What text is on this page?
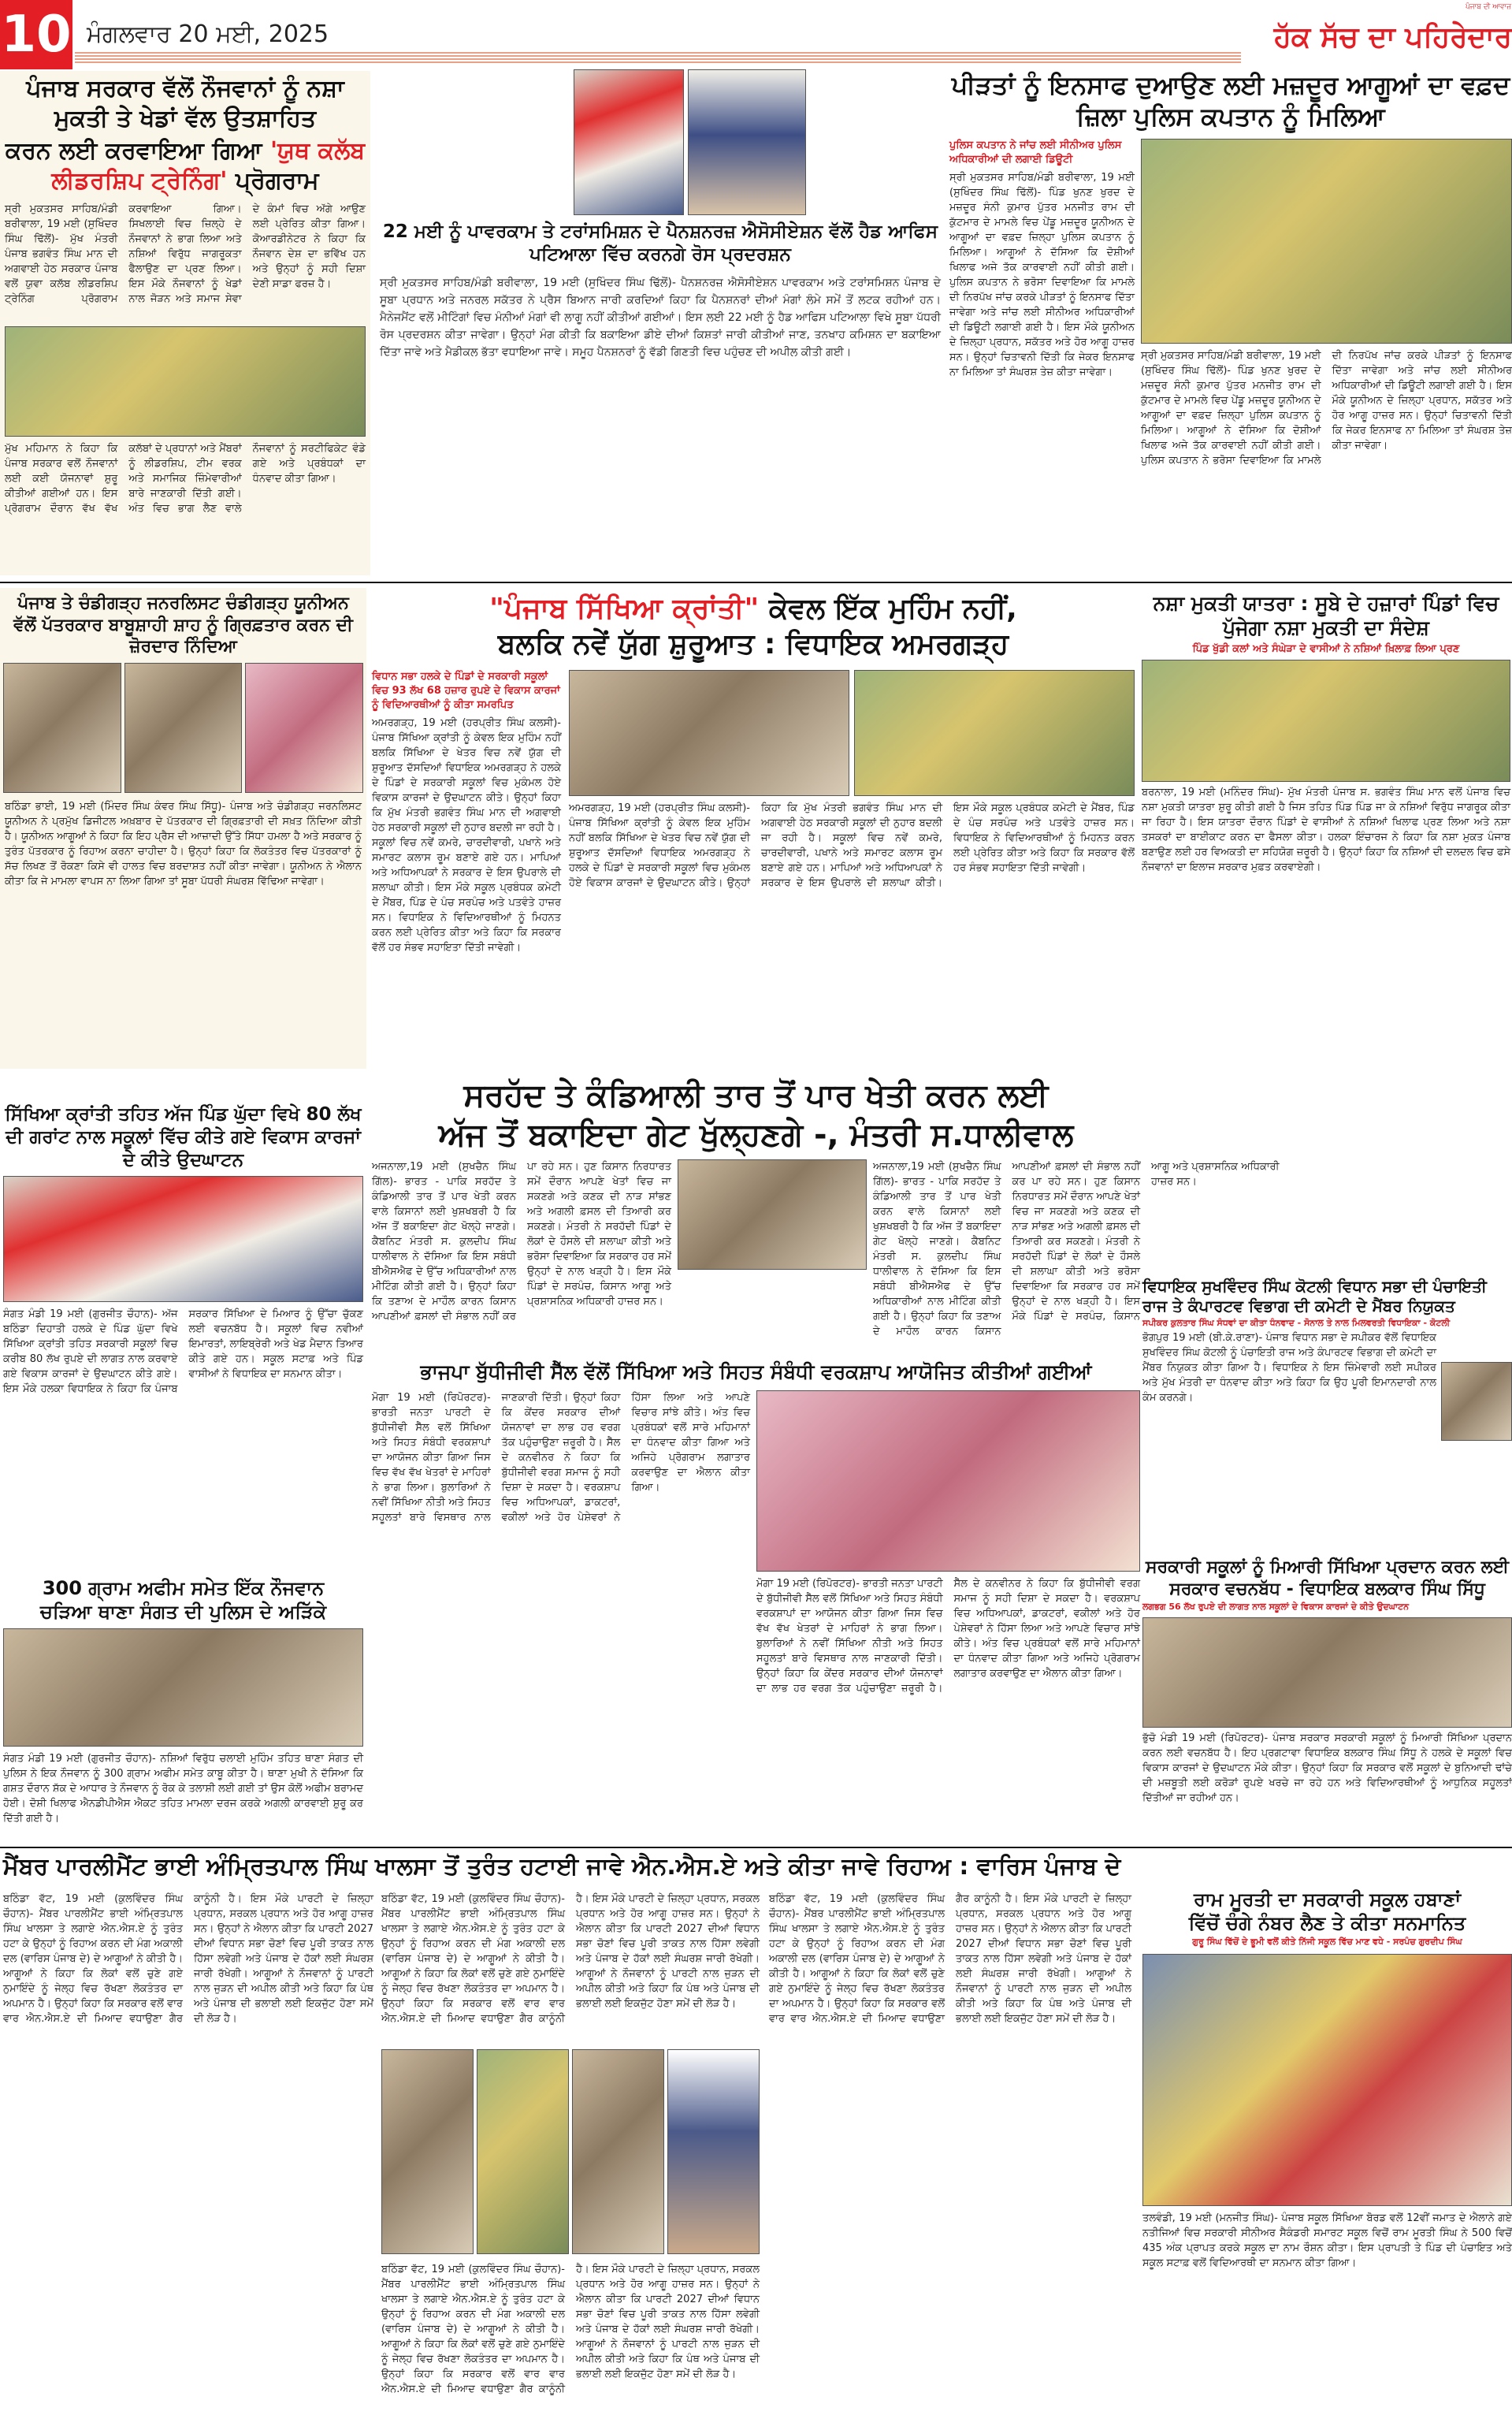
10 ਮੰਗਲਵਾਰ 20 ਮਈ, 2025	ਹੱਕ ਸੱਚ ਦਾ ਪਹਿਰੇਦਾਰ
ਪੰਜਾਬ ਦੀ ਆਵਾਜ਼
ਪੰਜਾਬ ਸਰਕਾਰ ਵੱਲੋਂ ਨੌਜਵਾਨਾਂ ਨੂੰ ਨਸ਼ਾ ਮੁਕਤੀ ਤੇ ਖੇਡਾਂ ਵੱਲ ਉਤਸ਼ਾਹਿਤ
ਕਰਨ ਲਈ ਕਰਵਾਇਆ ਗਿਆ 'ਯੁਥ ਕਲੱਬ ਲੀਡਰਸ਼ਿਪ ਟ੍ਰੇਨਿੰਗ' ਪ੍ਰੋਗਰਾਮ
ਸ੍ਰੀ ਮੁਕਤਸਰ ਸਾਹਿਬ/ਮੰਡੀ ਬਰੀਵਾਲਾ, 19 ਮਈ (ਸੁਖਿੰਦਰ ਸਿੰਘ ਢਿੱਲੋਂ)- ਮੁੱਖ ਮੰਤਰੀ ਪੰਜਾਬ ਭਗਵੰਤ ਸਿੰਘ ਮਾਨ ਦੀ ਅਗਵਾਈ ਹੇਠ ਸਰਕਾਰ ਪੰਜਾਬ ਵਲੋਂ ਯੁਵਾ ਕਲੱਬ ਲੀਡਰਸ਼ਿਪ ਟ੍ਰੇਨਿੰਗ ਪ੍ਰੋਗਰਾਮ ਕਰਵਾਇਆ ਗਿਆ। ਸਿਖਲਾਈ ਵਿਚ ਜ਼ਿਲ੍ਹੇ ਦੇ ਨੌਜਵਾਨਾਂ ਨੇ ਭਾਗ ਲਿਆ ਅਤੇ ਨਸ਼ਿਆਂ ਵਿਰੁੱਧ ਜਾਗਰੂਕਤਾ ਫੈਲਾਉਣ ਦਾ ਪ੍ਰਣ ਲਿਆ। ਇਸ ਮੌਕੇ ਨੌਜਵਾਨਾਂ ਨੂੰ ਖੇਡਾਂ ਨਾਲ ਜੋੜਨ ਅਤੇ ਸਮਾਜ ਸੇਵਾ ਦੇ ਕੰਮਾਂ ਵਿਚ ਅੱਗੇ ਆਉਣ ਲਈ ਪ੍ਰੇਰਿਤ ਕੀਤਾ ਗਿਆ। ਕੋਆਰਡੀਨੇਟਰ ਨੇ ਕਿਹਾ ਕਿ ਨੌਜਵਾਨ ਦੇਸ਼ ਦਾ ਭਵਿੱਖ ਹਨ ਅਤੇ ਉਨ੍ਹਾਂ ਨੂੰ ਸਹੀ ਦਿਸ਼ਾ ਦੇਣੀ ਸਾਡਾ ਫਰਜ਼ ਹੈ।
ਮੁੱਖ ਮਹਿਮਾਨ ਨੇ ਕਿਹਾ ਕਿ ਪੰਜਾਬ ਸਰਕਾਰ ਵਲੋਂ ਨੌਜਵਾਨਾਂ ਲਈ ਕਈ ਯੋਜਨਾਵਾਂ ਸ਼ੁਰੂ ਕੀਤੀਆਂ ਗਈਆਂ ਹਨ। ਇਸ ਪ੍ਰੋਗਰਾਮ ਦੌਰਾਨ ਵੱਖ ਵੱਖ ਕਲੱਬਾਂ ਦੇ ਪ੍ਰਧਾਨਾਂ ਅਤੇ ਮੈਂਬਰਾਂ ਨੂੰ ਲੀਡਰਸ਼ਿਪ, ਟੀਮ ਵਰਕ ਅਤੇ ਸਮਾਜਿਕ ਜ਼ਿੰਮੇਵਾਰੀਆਂ ਬਾਰੇ ਜਾਣਕਾਰੀ ਦਿੱਤੀ ਗਈ। ਅੰਤ ਵਿਚ ਭਾਗ ਲੈਣ ਵਾਲੇ ਨੌਜਵਾਨਾਂ ਨੂੰ ਸਰਟੀਫਿਕੇਟ ਵੰਡੇ ਗਏ ਅਤੇ ਪ੍ਰਬੰਧਕਾਂ ਦਾ ਧੰਨਵਾਦ ਕੀਤਾ ਗਿਆ।
22 ਮਈ ਨੂੰ ਪਾਵਰਕਾਮ ਤੇ ਟਰਾਂਸਮਿਸ਼ਨ ਦੇ ਪੈਨਸ਼ਨਰਜ਼ ਐਸੋਸੀਏਸ਼ਨ ਵੱਲੋਂ ਹੈਡ ਆਫਿਸ ਪਟਿਆਲਾ ਵਿੱਚ ਕਰਨਗੇ ਰੋਸ ਪ੍ਰਦਰਸ਼ਨ
ਸ੍ਰੀ ਮੁਕਤਸਰ ਸਾਹਿਬ/ਮੰਡੀ ਬਰੀਵਾਲਾ, 19 ਮਈ (ਸੁਖਿੰਦਰ ਸਿੰਘ ਢਿੱਲੋਂ)- ਪੈਨਸ਼ਨਰਜ਼ ਐਸੋਸੀਏਸ਼ਨ ਪਾਵਰਕਾਮ ਅਤੇ ਟਰਾਂਸਮਿਸ਼ਨ ਪੰਜਾਬ ਦੇ ਸੂਬਾ ਪ੍ਰਧਾਨ ਅਤੇ ਜਨਰਲ ਸਕੱਤਰ ਨੇ ਪ੍ਰੈਸ ਬਿਆਨ ਜਾਰੀ ਕਰਦਿਆਂ ਕਿਹਾ ਕਿ ਪੈਨਸ਼ਨਰਾਂ ਦੀਆਂ ਮੰਗਾਂ ਲੰਮੇ ਸਮੇਂ ਤੋਂ ਲਟਕ ਰਹੀਆਂ ਹਨ। ਮੈਨੇਜਮੈਂਟ ਵਲੋਂ ਮੀਟਿੰਗਾਂ ਵਿਚ ਮੰਨੀਆਂ ਮੰਗਾਂ ਵੀ ਲਾਗੂ ਨਹੀਂ ਕੀਤੀਆਂ ਗਈਆਂ। ਇਸ ਲਈ 22 ਮਈ ਨੂੰ ਹੈਡ ਆਫਿਸ ਪਟਿਆਲਾ ਵਿਖੇ ਸੂਬਾ ਪੱਧਰੀ ਰੋਸ ਪ੍ਰਦਰਸ਼ਨ ਕੀਤਾ ਜਾਵੇਗਾ। ਉਨ੍ਹਾਂ ਮੰਗ ਕੀਤੀ ਕਿ ਬਕਾਇਆ ਡੀਏ ਦੀਆਂ ਕਿਸ਼ਤਾਂ ਜਾਰੀ ਕੀਤੀਆਂ ਜਾਣ, ਤਨਖਾਹ ਕਮਿਸ਼ਨ ਦਾ ਬਕਾਇਆ ਦਿੱਤਾ ਜਾਵੇ ਅਤੇ ਮੈਡੀਕਲ ਭੱਤਾ ਵਧਾਇਆ ਜਾਵੇ। ਸਮੂਹ ਪੈਨਸ਼ਨਰਾਂ ਨੂੰ ਵੱਡੀ ਗਿਣਤੀ ਵਿਚ ਪਹੁੰਚਣ ਦੀ ਅਪੀਲ ਕੀਤੀ ਗਈ।
ਪੀੜਤਾਂ ਨੂੰ ਇਨਸਾਫ ਦੁਆਉਣ ਲਈ ਮਜ਼ਦੂਰ ਆਗੂਆਂ ਦਾ ਵਫ਼ਦ ਜ਼ਿਲਾ ਪੁਲਿਸ ਕਪਤਾਨ ਨੂੰ ਮਿਲਿਆ
ਪੁਲਿਸ ਕਪਤਾਨ ਨੇ ਜਾਂਚ ਲਈ ਸੀਨੀਅਰ ਪੁਲਿਸ ਅਧਿਕਾਰੀਆਂ ਦੀ ਲਗਾਈ ਡਿਊਟੀ
ਸ੍ਰੀ ਮੁਕਤਸਰ ਸਾਹਿਬ/ਮੰਡੀ ਬਰੀਵਾਲਾ, 19 ਮਈ (ਸੁਖਿੰਦਰ ਸਿੰਘ ਢਿੱਲੋਂ)- ਪਿੰਡ ਖੁਨਣ ਖੁਰਦ ਦੇ ਮਜ਼ਦੂਰ ਸੰਨੀ ਕੁਮਾਰ ਪੁੱਤਰ ਮਨਜੀਤ ਰਾਮ ਦੀ ਕੁੱਟਮਾਰ ਦੇ ਮਾਮਲੇ ਵਿਚ ਪੇਂਡੂ ਮਜ਼ਦੂਰ ਯੂਨੀਅਨ ਦੇ ਆਗੂਆਂ ਦਾ ਵਫ਼ਦ ਜ਼ਿਲ੍ਹਾ ਪੁਲਿਸ ਕਪਤਾਨ ਨੂੰ ਮਿਲਿਆ। ਆਗੂਆਂ ਨੇ ਦੱਸਿਆ ਕਿ ਦੋਸ਼ੀਆਂ ਖਿਲਾਫ ਅਜੇ ਤੱਕ ਕਾਰਵਾਈ ਨਹੀਂ ਕੀਤੀ ਗਈ। ਪੁਲਿਸ ਕਪਤਾਨ ਨੇ ਭਰੋਸਾ ਦਿਵਾਇਆ ਕਿ ਮਾਮਲੇ ਦੀ ਨਿਰਪੱਖ ਜਾਂਚ ਕਰਕੇ ਪੀੜਤਾਂ ਨੂੰ ਇਨਸਾਫ ਦਿੱਤਾ ਜਾਵੇਗਾ ਅਤੇ ਜਾਂਚ ਲਈ ਸੀਨੀਅਰ ਅਧਿਕਾਰੀਆਂ ਦੀ ਡਿਊਟੀ ਲਗਾਈ ਗਈ ਹੈ। ਇਸ ਮੌਕੇ ਯੂਨੀਅਨ ਦੇ ਜ਼ਿਲ੍ਹਾ ਪ੍ਰਧਾਨ, ਸਕੱਤਰ ਅਤੇ ਹੋਰ ਆਗੂ ਹਾਜ਼ਰ ਸਨ। ਉਨ੍ਹਾਂ ਚਿਤਾਵਨੀ ਦਿੱਤੀ ਕਿ ਜੇਕਰ ਇਨਸਾਫ ਨਾ ਮਿਲਿਆ ਤਾਂ ਸੰਘਰਸ਼ ਤੇਜ਼ ਕੀਤਾ ਜਾਵੇਗਾ।
ਸ੍ਰੀ ਮੁਕਤਸਰ ਸਾਹਿਬ/ਮੰਡੀ ਬਰੀਵਾਲਾ, 19 ਮਈ (ਸੁਖਿੰਦਰ ਸਿੰਘ ਢਿੱਲੋਂ)- ਪਿੰਡ ਖੁਨਣ ਖੁਰਦ ਦੇ ਮਜ਼ਦੂਰ ਸੰਨੀ ਕੁਮਾਰ ਪੁੱਤਰ ਮਨਜੀਤ ਰਾਮ ਦੀ ਕੁੱਟਮਾਰ ਦੇ ਮਾਮਲੇ ਵਿਚ ਪੇਂਡੂ ਮਜ਼ਦੂਰ ਯੂਨੀਅਨ ਦੇ ਆਗੂਆਂ ਦਾ ਵਫ਼ਦ ਜ਼ਿਲ੍ਹਾ ਪੁਲਿਸ ਕਪਤਾਨ ਨੂੰ ਮਿਲਿਆ। ਆਗੂਆਂ ਨੇ ਦੱਸਿਆ ਕਿ ਦੋਸ਼ੀਆਂ ਖਿਲਾਫ ਅਜੇ ਤੱਕ ਕਾਰਵਾਈ ਨਹੀਂ ਕੀਤੀ ਗਈ। ਪੁਲਿਸ ਕਪਤਾਨ ਨੇ ਭਰੋਸਾ ਦਿਵਾਇਆ ਕਿ ਮਾਮਲੇ ਦੀ ਨਿਰਪੱਖ ਜਾਂਚ ਕਰਕੇ ਪੀੜਤਾਂ ਨੂੰ ਇਨਸਾਫ ਦਿੱਤਾ ਜਾਵੇਗਾ ਅਤੇ ਜਾਂਚ ਲਈ ਸੀਨੀਅਰ ਅਧਿਕਾਰੀਆਂ ਦੀ ਡਿਊਟੀ ਲਗਾਈ ਗਈ ਹੈ। ਇਸ ਮੌਕੇ ਯੂਨੀਅਨ ਦੇ ਜ਼ਿਲ੍ਹਾ ਪ੍ਰਧਾਨ, ਸਕੱਤਰ ਅਤੇ ਹੋਰ ਆਗੂ ਹਾਜ਼ਰ ਸਨ। ਉਨ੍ਹਾਂ ਚਿਤਾਵਨੀ ਦਿੱਤੀ ਕਿ ਜੇਕਰ ਇਨਸਾਫ ਨਾ ਮਿਲਿਆ ਤਾਂ ਸੰਘਰਸ਼ ਤੇਜ਼ ਕੀਤਾ ਜਾਵੇਗਾ।
ਪੰਜਾਬ ਤੇ ਚੰਡੀਗੜ੍ਹ ਜਨਰਲਿਸਟ ਚੰਡੀਗੜ੍ਹ ਯੂਨੀਅਨ ਵੱਲੋਂ ਪੱਤਰਕਾਰ ਬਾਬੂਸ਼ਾਹੀ ਸ਼ਾਹ ਨੂੰ ਗ੍ਰਿਫ਼ਤਾਰ ਕਰਨ ਦੀ ਜ਼ੋਰਦਾਰ ਨਿੰਦਿਆ
ਬਠਿੰਡਾ ਭਾਈ, 19 ਮਈ (ਮਿੰਦਰ ਸਿੰਘ ਕੰਵਰ ਸਿੰਘ ਸਿੱਧੂ)- ਪੰਜਾਬ ਅਤੇ ਚੰਡੀਗੜ੍ਹ ਜਰਨਲਿਸਟ ਯੂਨੀਅਨ ਨੇ ਪ੍ਰਮੁੱਖ ਡਿਜੀਟਲ ਅਖ਼ਬਾਰ ਦੇ ਪੱਤਰਕਾਰ ਦੀ ਗ੍ਰਿਫ਼ਤਾਰੀ ਦੀ ਸਖ਼ਤ ਨਿੰਦਿਆ ਕੀਤੀ ਹੈ। ਯੂਨੀਅਨ ਆਗੂਆਂ ਨੇ ਕਿਹਾ ਕਿ ਇਹ ਪ੍ਰੈਸ ਦੀ ਆਜ਼ਾਦੀ ਉੱਤੇ ਸਿੱਧਾ ਹਮਲਾ ਹੈ ਅਤੇ ਸਰਕਾਰ ਨੂੰ ਤੁਰੰਤ ਪੱਤਰਕਾਰ ਨੂੰ ਰਿਹਾਅ ਕਰਨਾ ਚਾਹੀਦਾ ਹੈ। ਉਨ੍ਹਾਂ ਕਿਹਾ ਕਿ ਲੋਕਤੰਤਰ ਵਿਚ ਪੱਤਰਕਾਰਾਂ ਨੂੰ ਸੱਚ ਲਿਖਣ ਤੋਂ ਰੋਕਣਾ ਕਿਸੇ ਵੀ ਹਾਲਤ ਵਿਚ ਬਰਦਾਸ਼ਤ ਨਹੀਂ ਕੀਤਾ ਜਾਵੇਗਾ। ਯੂਨੀਅਨ ਨੇ ਐਲਾਨ ਕੀਤਾ ਕਿ ਜੇ ਮਾਮਲਾ ਵਾਪਸ ਨਾ ਲਿਆ ਗਿਆ ਤਾਂ ਸੂਬਾ ਪੱਧਰੀ ਸੰਘਰਸ਼ ਵਿੱਢਿਆ ਜਾਵੇਗਾ।
"ਪੰਜਾਬ ਸਿੱਖਿਆ ਕ੍ਰਾਂਤੀ" ਕੇਵਲ ਇੱਕ ਮੁਹਿੰਮ ਨਹੀਂ,
ਬਲਕਿ ਨਵੇਂ ਯੁੱਗ ਸ਼ੁਰੂਆਤ : ਵਿਧਾਇਕ ਅਮਰਗੜ੍ਹ
ਵਿਧਾਨ ਸਭਾ ਹਲਕੇ ਦੇ ਪਿੰਡਾਂ ਦੇ ਸਰਕਾਰੀ ਸਕੂਲਾਂ ਵਿਚ 93 ਲੱਖ 68 ਹਜ਼ਾਰ ਰੁਪਏ ਦੇ ਵਿਕਾਸ ਕਾਰਜਾਂ ਨੂੰ ਵਿਦਿਆਰਥੀਆਂ ਨੂੰ ਕੀਤਾ ਸਮਰਪਿਤ
ਅਮਰਗੜ੍ਹ, 19 ਮਈ (ਹਰਪ੍ਰੀਤ ਸਿੰਘ ਕਲਸੀ)- ਪੰਜਾਬ ਸਿੱਖਿਆ ਕ੍ਰਾਂਤੀ ਨੂੰ ਕੇਵਲ ਇਕ ਮੁਹਿੰਮ ਨਹੀਂ ਬਲਕਿ ਸਿੱਖਿਆ ਦੇ ਖੇਤਰ ਵਿਚ ਨਵੇਂ ਯੁੱਗ ਦੀ ਸ਼ੁਰੂਆਤ ਦੱਸਦਿਆਂ ਵਿਧਾਇਕ ਅਮਰਗੜ੍ਹ ਨੇ ਹਲਕੇ ਦੇ ਪਿੰਡਾਂ ਦੇ ਸਰਕਾਰੀ ਸਕੂਲਾਂ ਵਿਚ ਮੁਕੰਮਲ ਹੋਏ ਵਿਕਾਸ ਕਾਰਜਾਂ ਦੇ ਉਦਘਾਟਨ ਕੀਤੇ। ਉਨ੍ਹਾਂ ਕਿਹਾ ਕਿ ਮੁੱਖ ਮੰਤਰੀ ਭਗਵੰਤ ਸਿੰਘ ਮਾਨ ਦੀ ਅਗਵਾਈ ਹੇਠ ਸਰਕਾਰੀ ਸਕੂਲਾਂ ਦੀ ਨੁਹਾਰ ਬਦਲੀ ਜਾ ਰਹੀ ਹੈ। ਸਕੂਲਾਂ ਵਿਚ ਨਵੇਂ ਕਮਰੇ, ਚਾਰਦੀਵਾਰੀ, ਪਖਾਨੇ ਅਤੇ ਸਮਾਰਟ ਕਲਾਸ ਰੂਮ ਬਣਾਏ ਗਏ ਹਨ। ਮਾਪਿਆਂ ਅਤੇ ਅਧਿਆਪਕਾਂ ਨੇ ਸਰਕਾਰ ਦੇ ਇਸ ਉਪਰਾਲੇ ਦੀ ਸ਼ਲਾਘਾ ਕੀਤੀ। ਇਸ ਮੌਕੇ ਸਕੂਲ ਪ੍ਰਬੰਧਕ ਕਮੇਟੀ ਦੇ ਮੈਂਬਰ, ਪਿੰਡ ਦੇ ਪੰਚ ਸਰਪੰਚ ਅਤੇ ਪਤਵੰਤੇ ਹਾਜ਼ਰ ਸਨ। ਵਿਧਾਇਕ ਨੇ ਵਿਦਿਆਰਥੀਆਂ ਨੂੰ ਮਿਹਨਤ ਕਰਨ ਲਈ ਪ੍ਰੇਰਿਤ ਕੀਤਾ ਅਤੇ ਕਿਹਾ ਕਿ ਸਰਕਾਰ ਵੱਲੋਂ ਹਰ ਸੰਭਵ ਸਹਾਇਤਾ ਦਿੱਤੀ ਜਾਵੇਗੀ।
ਅਮਰਗੜ੍ਹ, 19 ਮਈ (ਹਰਪ੍ਰੀਤ ਸਿੰਘ ਕਲਸੀ)- ਪੰਜਾਬ ਸਿੱਖਿਆ ਕ੍ਰਾਂਤੀ ਨੂੰ ਕੇਵਲ ਇਕ ਮੁਹਿੰਮ ਨਹੀਂ ਬਲਕਿ ਸਿੱਖਿਆ ਦੇ ਖੇਤਰ ਵਿਚ ਨਵੇਂ ਯੁੱਗ ਦੀ ਸ਼ੁਰੂਆਤ ਦੱਸਦਿਆਂ ਵਿਧਾਇਕ ਅਮਰਗੜ੍ਹ ਨੇ ਹਲਕੇ ਦੇ ਪਿੰਡਾਂ ਦੇ ਸਰਕਾਰੀ ਸਕੂਲਾਂ ਵਿਚ ਮੁਕੰਮਲ ਹੋਏ ਵਿਕਾਸ ਕਾਰਜਾਂ ਦੇ ਉਦਘਾਟਨ ਕੀਤੇ। ਉਨ੍ਹਾਂ ਕਿਹਾ ਕਿ ਮੁੱਖ ਮੰਤਰੀ ਭਗਵੰਤ ਸਿੰਘ ਮਾਨ ਦੀ ਅਗਵਾਈ ਹੇਠ ਸਰਕਾਰੀ ਸਕੂਲਾਂ ਦੀ ਨੁਹਾਰ ਬਦਲੀ ਜਾ ਰਹੀ ਹੈ। ਸਕੂਲਾਂ ਵਿਚ ਨਵੇਂ ਕਮਰੇ, ਚਾਰਦੀਵਾਰੀ, ਪਖਾਨੇ ਅਤੇ ਸਮਾਰਟ ਕਲਾਸ ਰੂਮ ਬਣਾਏ ਗਏ ਹਨ। ਮਾਪਿਆਂ ਅਤੇ ਅਧਿਆਪਕਾਂ ਨੇ ਸਰਕਾਰ ਦੇ ਇਸ ਉਪਰਾਲੇ ਦੀ ਸ਼ਲਾਘਾ ਕੀਤੀ। ਇਸ ਮੌਕੇ ਸਕੂਲ ਪ੍ਰਬੰਧਕ ਕਮੇਟੀ ਦੇ ਮੈਂਬਰ, ਪਿੰਡ ਦੇ ਪੰਚ ਸਰਪੰਚ ਅਤੇ ਪਤਵੰਤੇ ਹਾਜ਼ਰ ਸਨ। ਵਿਧਾਇਕ ਨੇ ਵਿਦਿਆਰਥੀਆਂ ਨੂੰ ਮਿਹਨਤ ਕਰਨ ਲਈ ਪ੍ਰੇਰਿਤ ਕੀਤਾ ਅਤੇ ਕਿਹਾ ਕਿ ਸਰਕਾਰ ਵੱਲੋਂ ਹਰ ਸੰਭਵ ਸਹਾਇਤਾ ਦਿੱਤੀ ਜਾਵੇਗੀ।
ਨਸ਼ਾ ਮੁਕਤੀ ਯਾਤਰਾ : ਸੂਬੇ ਦੇ ਹਜ਼ਾਰਾਂ ਪਿੰਡਾਂ ਵਿਚ ਪੁੱਜੇਗਾ ਨਸ਼ਾ ਮੁਕਤੀ ਦਾ ਸੰਦੇਸ਼
ਪਿੰਡ ਖੁੱਡੀ ਕਲਾਂ ਅਤੇ ਸੰਘੇੜਾ ਦੇ ਵਾਸੀਆਂ ਨੇ ਨਸ਼ਿਆਂ ਖ਼ਿਲਾਫ਼ ਲਿਆ ਪ੍ਰਣ
ਬਰਨਾਲਾ, 19 ਮਈ (ਮਨਿੰਦਰ ਸਿੰਘ)- ਮੁੱਖ ਮੰਤਰੀ ਪੰਜਾਬ ਸ. ਭਗਵੰਤ ਸਿੰਘ ਮਾਨ ਵਲੋਂ ਪੰਜਾਬ ਵਿਚ ਨਸ਼ਾ ਮੁਕਤੀ ਯਾਤਰਾ ਸ਼ੁਰੂ ਕੀਤੀ ਗਈ ਹੈ ਜਿਸ ਤਹਿਤ ਪਿੰਡ ਪਿੰਡ ਜਾ ਕੇ ਨਸ਼ਿਆਂ ਵਿਰੁੱਧ ਜਾਗਰੂਕ ਕੀਤਾ ਜਾ ਰਿਹਾ ਹੈ। ਇਸ ਯਾਤਰਾ ਦੌਰਾਨ ਪਿੰਡਾਂ ਦੇ ਵਾਸੀਆਂ ਨੇ ਨਸ਼ਿਆਂ ਖਿਲਾਫ ਪ੍ਰਣ ਲਿਆ ਅਤੇ ਨਸ਼ਾ ਤਸਕਰਾਂ ਦਾ ਬਾਈਕਾਟ ਕਰਨ ਦਾ ਫੈਸਲਾ ਕੀਤਾ। ਹਲਕਾ ਇੰਚਾਰਜ ਨੇ ਕਿਹਾ ਕਿ ਨਸ਼ਾ ਮੁਕਤ ਪੰਜਾਬ ਬਣਾਉਣ ਲਈ ਹਰ ਵਿਅਕਤੀ ਦਾ ਸਹਿਯੋਗ ਜ਼ਰੂਰੀ ਹੈ। ਉਨ੍ਹਾਂ ਕਿਹਾ ਕਿ ਨਸ਼ਿਆਂ ਦੀ ਦਲਦਲ ਵਿਚ ਫਸੇ ਨੌਜਵਾਨਾਂ ਦਾ ਇਲਾਜ ਸਰਕਾਰ ਮੁਫ਼ਤ ਕਰਵਾਏਗੀ।
ਸਿੱਖਿਆ ਕ੍ਰਾਂਤੀ ਤਹਿਤ ਅੱਜ ਪਿੰਡ ਘੁੱਦਾ ਵਿਖੇ 80 ਲੱਖ ਦੀ ਗਰਾਂਟ ਨਾਲ ਸਕੂਲਾਂ ਵਿੱਚ ਕੀਤੇ ਗਏ ਵਿਕਾਸ ਕਾਰਜਾਂ ਦੇ ਕੀਤੇ ਉਦਘਾਟਨ
ਸੰਗਤ ਮੰਡੀ 19 ਮਈ (ਗੁਰਜੀਤ ਚੌਹਾਨ)- ਅੱਜ ਬਠਿੰਡਾ ਦਿਹਾਤੀ ਹਲਕੇ ਦੇ ਪਿੰਡ ਘੁੱਦਾ ਵਿਖੇ ਸਿੱਖਿਆ ਕ੍ਰਾਂਤੀ ਤਹਿਤ ਸਰਕਾਰੀ ਸਕੂਲਾਂ ਵਿਚ ਕਰੀਬ 80 ਲੱਖ ਰੁਪਏ ਦੀ ਲਾਗਤ ਨਾਲ ਕਰਵਾਏ ਗਏ ਵਿਕਾਸ ਕਾਰਜਾਂ ਦੇ ਉਦਘਾਟਨ ਕੀਤੇ ਗਏ। ਇਸ ਮੌਕੇ ਹਲਕਾ ਵਿਧਾਇਕ ਨੇ ਕਿਹਾ ਕਿ ਪੰਜਾਬ ਸਰਕਾਰ ਸਿੱਖਿਆ ਦੇ ਮਿਆਰ ਨੂੰ ਉੱਚਾ ਚੁੱਕਣ ਲਈ ਵਚਨਬੱਧ ਹੈ। ਸਕੂਲਾਂ ਵਿਚ ਨਵੀਆਂ ਇਮਾਰਤਾਂ, ਲਾਇਬ੍ਰੇਰੀ ਅਤੇ ਖੇਡ ਮੈਦਾਨ ਤਿਆਰ ਕੀਤੇ ਗਏ ਹਨ। ਸਕੂਲ ਸਟਾਫ਼ ਅਤੇ ਪਿੰਡ ਵਾਸੀਆਂ ਨੇ ਵਿਧਾਇਕ ਦਾ ਸਨਮਾਨ ਕੀਤਾ।
ਸਰਹੱਦ ਤੇ ਕੰਡਿਆਲੀ ਤਾਰ ਤੋਂ ਪਾਰ ਖੇਤੀ ਕਰਨ ਲਈ
ਅੱਜ ਤੋਂ ਬਕਾਇਦਾ ਗੇਟ ਖੁੱਲ੍ਹਣਗੇ -, ਮੰਤਰੀ ਸ.ਧਾਲੀਵਾਲ
ਅਜਨਾਲਾ,19 ਮਈ (ਸੁਖਚੈਨ ਸਿੰਘ ਗਿੱਲ)- ਭਾਰਤ - ਪਾਕਿ ਸਰਹੱਦ ਤੇ ਕੰਡਿਆਲੀ ਤਾਰ ਤੋਂ ਪਾਰ ਖੇਤੀ ਕਰਨ ਵਾਲੇ ਕਿਸਾਨਾਂ ਲਈ ਖੁਸ਼ਖਬਰੀ ਹੈ ਕਿ ਅੱਜ ਤੋਂ ਬਕਾਇਦਾ ਗੇਟ ਖੋਲ੍ਹੇ ਜਾਣਗੇ। ਕੈਬਨਿਟ ਮੰਤਰੀ ਸ. ਕੁਲਦੀਪ ਸਿੰਘ ਧਾਲੀਵਾਲ ਨੇ ਦੱਸਿਆ ਕਿ ਇਸ ਸਬੰਧੀ ਬੀਐਸਐਫ ਦੇ ਉੱਚ ਅਧਿਕਾਰੀਆਂ ਨਾਲ ਮੀਟਿੰਗ ਕੀਤੀ ਗਈ ਹੈ। ਉਨ੍ਹਾਂ ਕਿਹਾ ਕਿ ਤਣਾਅ ਦੇ ਮਾਹੌਲ ਕਾਰਨ ਕਿਸਾਨ ਆਪਣੀਆਂ ਫ਼ਸਲਾਂ ਦੀ ਸੰਭਾਲ ਨਹੀਂ ਕਰ ਪਾ ਰਹੇ ਸਨ। ਹੁਣ ਕਿਸਾਨ ਨਿਰਧਾਰਤ ਸਮੇਂ ਦੌਰਾਨ ਆਪਣੇ ਖੇਤਾਂ ਵਿਚ ਜਾ ਸਕਣਗੇ ਅਤੇ ਕਣਕ ਦੀ ਨਾੜ ਸਾਂਭਣ ਅਤੇ ਅਗਲੀ ਫ਼ਸਲ ਦੀ ਤਿਆਰੀ ਕਰ ਸਕਣਗੇ। ਮੰਤਰੀ ਨੇ ਸਰਹੱਦੀ ਪਿੰਡਾਂ ਦੇ ਲੋਕਾਂ ਦੇ ਹੌਸਲੇ ਦੀ ਸ਼ਲਾਘਾ ਕੀਤੀ ਅਤੇ ਭਰੋਸਾ ਦਿਵਾਇਆ ਕਿ ਸਰਕਾਰ ਹਰ ਸਮੇਂ ਉਨ੍ਹਾਂ ਦੇ ਨਾਲ ਖੜ੍ਹੀ ਹੈ। ਇਸ ਮੌਕੇ ਪਿੰਡਾਂ ਦੇ ਸਰਪੰਚ, ਕਿਸਾਨ ਆਗੂ ਅਤੇ ਪ੍ਰਸ਼ਾਸਨਿਕ ਅਧਿਕਾਰੀ ਹਾਜ਼ਰ ਸਨ।
ਅਜਨਾਲਾ,19 ਮਈ (ਸੁਖਚੈਨ ਸਿੰਘ ਗਿੱਲ)- ਭਾਰਤ - ਪਾਕਿ ਸਰਹੱਦ ਤੇ ਕੰਡਿਆਲੀ ਤਾਰ ਤੋਂ ਪਾਰ ਖੇਤੀ ਕਰਨ ਵਾਲੇ ਕਿਸਾਨਾਂ ਲਈ ਖੁਸ਼ਖਬਰੀ ਹੈ ਕਿ ਅੱਜ ਤੋਂ ਬਕਾਇਦਾ ਗੇਟ ਖੋਲ੍ਹੇ ਜਾਣਗੇ। ਕੈਬਨਿਟ ਮੰਤਰੀ ਸ. ਕੁਲਦੀਪ ਸਿੰਘ ਧਾਲੀਵਾਲ ਨੇ ਦੱਸਿਆ ਕਿ ਇਸ ਸਬੰਧੀ ਬੀਐਸਐਫ ਦੇ ਉੱਚ ਅਧਿਕਾਰੀਆਂ ਨਾਲ ਮੀਟਿੰਗ ਕੀਤੀ ਗਈ ਹੈ। ਉਨ੍ਹਾਂ ਕਿਹਾ ਕਿ ਤਣਾਅ ਦੇ ਮਾਹੌਲ ਕਾਰਨ ਕਿਸਾਨ ਆਪਣੀਆਂ ਫ਼ਸਲਾਂ ਦੀ ਸੰਭਾਲ ਨਹੀਂ ਕਰ ਪਾ ਰਹੇ ਸਨ। ਹੁਣ ਕਿਸਾਨ ਨਿਰਧਾਰਤ ਸਮੇਂ ਦੌਰਾਨ ਆਪਣੇ ਖੇਤਾਂ ਵਿਚ ਜਾ ਸਕਣਗੇ ਅਤੇ ਕਣਕ ਦੀ ਨਾੜ ਸਾਂਭਣ ਅਤੇ ਅਗਲੀ ਫ਼ਸਲ ਦੀ ਤਿਆਰੀ ਕਰ ਸਕਣਗੇ। ਮੰਤਰੀ ਨੇ ਸਰਹੱਦੀ ਪਿੰਡਾਂ ਦੇ ਲੋਕਾਂ ਦੇ ਹੌਸਲੇ ਦੀ ਸ਼ਲਾਘਾ ਕੀਤੀ ਅਤੇ ਭਰੋਸਾ ਦਿਵਾਇਆ ਕਿ ਸਰਕਾਰ ਹਰ ਸਮੇਂ ਉਨ੍ਹਾਂ ਦੇ ਨਾਲ ਖੜ੍ਹੀ ਹੈ। ਇਸ ਮੌਕੇ ਪਿੰਡਾਂ ਦੇ ਸਰਪੰਚ, ਕਿਸਾਨ ਆਗੂ ਅਤੇ ਪ੍ਰਸ਼ਾਸਨਿਕ ਅਧਿਕਾਰੀ ਹਾਜ਼ਰ ਸਨ।
ਵਿਧਾਇਕ ਸੁਖਵਿੰਦਰ ਸਿੰਘ ਕੋਟਲੀ ਵਿਧਾਨ ਸਭਾ ਦੀ ਪੰਚਾਇਤੀ ਰਾਜ ਤੇ ਕੰਪਾਰਟਵ ਵਿਭਾਗ ਦੀ ਕਮੇਟੀ ਦੇ ਮੈਂਬਰ ਨਿਯੁਕਤ
ਸਪੀਕਰ ਕੁਲਤਾਰ ਸਿੰਘ ਸੰਧਵਾਂ ਦਾ ਕੀਤਾ ਧੰਨਵਾਦ - ਸੋਨਾਲ ਤੇ ਨਾਲ ਮਿਲਵਰਤੀ ਵਿਧਾਇਕਾ - ਕੋਟਲੀ
ਭੋਗਪੁਰ 19 ਮਈ (ਬੀ.ਕੇ.ਰਾਣਾ)- ਪੰਜਾਬ ਵਿਧਾਨ ਸਭਾ ਦੇ ਸਪੀਕਰ ਵੱਲੋਂ ਵਿਧਾਇਕ ਸੁਖਵਿੰਦਰ ਸਿੰਘ ਕੋਟਲੀ ਨੂੰ ਪੰਚਾਇਤੀ ਰਾਜ ਅਤੇ ਕੰਪਾਰਟਵ ਵਿਭਾਗ ਦੀ ਕਮੇਟੀ ਦਾ ਮੈਂਬਰ ਨਿਯੁਕਤ ਕੀਤਾ ਗਿਆ ਹੈ। ਵਿਧਾਇਕ ਨੇ ਇਸ ਜ਼ਿੰਮੇਵਾਰੀ ਲਈ ਸਪੀਕਰ ਅਤੇ ਮੁੱਖ ਮੰਤਰੀ ਦਾ ਧੰਨਵਾਦ ਕੀਤਾ ਅਤੇ ਕਿਹਾ ਕਿ ਉਹ ਪੂਰੀ ਇਮਾਨਦਾਰੀ ਨਾਲ ਕੰਮ ਕਰਨਗੇ।
ਸਰਕਾਰੀ ਸਕੂਲਾਂ ਨੂੰ ਮਿਆਰੀ ਸਿੱਖਿਆ ਪ੍ਰਦਾਨ ਕਰਨ ਲਈ
ਸਰਕਾਰ ਵਚਨਬੱਧ - ਵਿਧਾਇਕ ਬਲਕਾਰ ਸਿੰਘ ਸਿੱਧੂ
ਲਗਭਗ 56 ਲੱਖ ਰੁਪਏ ਦੀ ਲਾਗਤ ਨਾਲ ਸਕੂਲਾਂ ਦੇ ਵਿਕਾਸ ਕਾਰਜਾਂ ਦੇ ਕੀਤੇ ਉਦਘਾਟਨ
ਭੁੱਚੋ ਮੰਡੀ 19 ਮਈ (ਰਿਪੋਰਟਰ)- ਪੰਜਾਬ ਸਰਕਾਰ ਸਰਕਾਰੀ ਸਕੂਲਾਂ ਨੂੰ ਮਿਆਰੀ ਸਿੱਖਿਆ ਪ੍ਰਦਾਨ ਕਰਨ ਲਈ ਵਚਨਬੱਧ ਹੈ। ਇਹ ਪ੍ਰਗਟਾਵਾ ਵਿਧਾਇਕ ਬਲਕਾਰ ਸਿੰਘ ਸਿੱਧੂ ਨੇ ਹਲਕੇ ਦੇ ਸਕੂਲਾਂ ਵਿਚ ਵਿਕਾਸ ਕਾਰਜਾਂ ਦੇ ਉਦਘਾਟਨ ਮੌਕੇ ਕੀਤਾ। ਉਨ੍ਹਾਂ ਕਿਹਾ ਕਿ ਸਰਕਾਰ ਵਲੋਂ ਸਕੂਲਾਂ ਦੇ ਬੁਨਿਆਦੀ ਢਾਂਚੇ ਦੀ ਮਜ਼ਬੂਤੀ ਲਈ ਕਰੋੜਾਂ ਰੁਪਏ ਖਰਚੇ ਜਾ ਰਹੇ ਹਨ ਅਤੇ ਵਿਦਿਆਰਥੀਆਂ ਨੂੰ ਆਧੁਨਿਕ ਸਹੂਲਤਾਂ ਦਿੱਤੀਆਂ ਜਾ ਰਹੀਆਂ ਹਨ।
300 ਗ੍ਰਾਮ ਅਫੀਮ ਸਮੇਤ ਇੱਕ ਨੌਜਵਾਨ
ਚੜਿਆ ਥਾਣਾ ਸੰਗਤ ਦੀ ਪੁਲਿਸ ਦੇ ਅੜਿੱਕੇ
ਸੰਗਤ ਮੰਡੀ 19 ਮਈ (ਗੁਰਜੀਤ ਚੌਹਾਨ)- ਨਸ਼ਿਆਂ ਵਿਰੁੱਧ ਚਲਾਈ ਮੁਹਿੰਮ ਤਹਿਤ ਥਾਣਾ ਸੰਗਤ ਦੀ ਪੁਲਿਸ ਨੇ ਇਕ ਨੌਜਵਾਨ ਨੂੰ 300 ਗ੍ਰਾਮ ਅਫੀਮ ਸਮੇਤ ਕਾਬੂ ਕੀਤਾ ਹੈ। ਥਾਣਾ ਮੁਖੀ ਨੇ ਦੱਸਿਆ ਕਿ ਗਸ਼ਤ ਦੌਰਾਨ ਸ਼ੱਕ ਦੇ ਆਧਾਰ ਤੇ ਨੌਜਵਾਨ ਨੂੰ ਰੋਕ ਕੇ ਤਲਾਸ਼ੀ ਲਈ ਗਈ ਤਾਂ ਉਸ ਕੋਲੋਂ ਅਫੀਮ ਬਰਾਮਦ ਹੋਈ। ਦੋਸ਼ੀ ਖਿਲਾਫ ਐਨਡੀਪੀਐਸ ਐਕਟ ਤਹਿਤ ਮਾਮਲਾ ਦਰਜ ਕਰਕੇ ਅਗਲੀ ਕਾਰਵਾਈ ਸ਼ੁਰੂ ਕਰ ਦਿੱਤੀ ਗਈ ਹੈ।
ਭਾਜਪਾ ਬੁੱਧੀਜੀਵੀ ਸੈੱਲ ਵੱਲੋਂ ਸਿੱਖਿਆ ਅਤੇ ਸਿਹਤ ਸੰਬੰਧੀ ਵਰਕਸ਼ਾਪ ਆਯੋਜਿਤ ਕੀਤੀਆਂ ਗਈਆਂ
ਮੋਗਾ 19 ਮਈ (ਰਿਪੋਰਟਰ)- ਭਾਰਤੀ ਜਨਤਾ ਪਾਰਟੀ ਦੇ ਬੁੱਧੀਜੀਵੀ ਸੈੱਲ ਵਲੋਂ ਸਿੱਖਿਆ ਅਤੇ ਸਿਹਤ ਸੰਬੰਧੀ ਵਰਕਸ਼ਾਪਾਂ ਦਾ ਆਯੋਜਨ ਕੀਤਾ ਗਿਆ ਜਿਸ ਵਿਚ ਵੱਖ ਵੱਖ ਖੇਤਰਾਂ ਦੇ ਮਾਹਿਰਾਂ ਨੇ ਭਾਗ ਲਿਆ। ਬੁਲਾਰਿਆਂ ਨੇ ਨਵੀਂ ਸਿੱਖਿਆ ਨੀਤੀ ਅਤੇ ਸਿਹਤ ਸਹੂਲਤਾਂ ਬਾਰੇ ਵਿਸਥਾਰ ਨਾਲ ਜਾਣਕਾਰੀ ਦਿੱਤੀ। ਉਨ੍ਹਾਂ ਕਿਹਾ ਕਿ ਕੇਂਦਰ ਸਰਕਾਰ ਦੀਆਂ ਯੋਜਨਾਵਾਂ ਦਾ ਲਾਭ ਹਰ ਵਰਗ ਤੱਕ ਪਹੁੰਚਾਉਣਾ ਜ਼ਰੂਰੀ ਹੈ। ਸੈੱਲ ਦੇ ਕਨਵੀਨਰ ਨੇ ਕਿਹਾ ਕਿ ਬੁੱਧੀਜੀਵੀ ਵਰਗ ਸਮਾਜ ਨੂੰ ਸਹੀ ਦਿਸ਼ਾ ਦੇ ਸਕਦਾ ਹੈ। ਵਰਕਸ਼ਾਪ ਵਿਚ ਅਧਿਆਪਕਾਂ, ਡਾਕਟਰਾਂ, ਵਕੀਲਾਂ ਅਤੇ ਹੋਰ ਪੇਸ਼ੇਵਰਾਂ ਨੇ ਹਿੱਸਾ ਲਿਆ ਅਤੇ ਆਪਣੇ ਵਿਚਾਰ ਸਾਂਝੇ ਕੀਤੇ। ਅੰਤ ਵਿਚ ਪ੍ਰਬੰਧਕਾਂ ਵਲੋਂ ਸਾਰੇ ਮਹਿਮਾਨਾਂ ਦਾ ਧੰਨਵਾਦ ਕੀਤਾ ਗਿਆ ਅਤੇ ਅਜਿਹੇ ਪ੍ਰੋਗਰਾਮ ਲਗਾਤਾਰ ਕਰਵਾਉਣ ਦਾ ਐਲਾਨ ਕੀਤਾ ਗਿਆ।
ਮੋਗਾ 19 ਮਈ (ਰਿਪੋਰਟਰ)- ਭਾਰਤੀ ਜਨਤਾ ਪਾਰਟੀ ਦੇ ਬੁੱਧੀਜੀਵੀ ਸੈੱਲ ਵਲੋਂ ਸਿੱਖਿਆ ਅਤੇ ਸਿਹਤ ਸੰਬੰਧੀ ਵਰਕਸ਼ਾਪਾਂ ਦਾ ਆਯੋਜਨ ਕੀਤਾ ਗਿਆ ਜਿਸ ਵਿਚ ਵੱਖ ਵੱਖ ਖੇਤਰਾਂ ਦੇ ਮਾਹਿਰਾਂ ਨੇ ਭਾਗ ਲਿਆ। ਬੁਲਾਰਿਆਂ ਨੇ ਨਵੀਂ ਸਿੱਖਿਆ ਨੀਤੀ ਅਤੇ ਸਿਹਤ ਸਹੂਲਤਾਂ ਬਾਰੇ ਵਿਸਥਾਰ ਨਾਲ ਜਾਣਕਾਰੀ ਦਿੱਤੀ। ਉਨ੍ਹਾਂ ਕਿਹਾ ਕਿ ਕੇਂਦਰ ਸਰਕਾਰ ਦੀਆਂ ਯੋਜਨਾਵਾਂ ਦਾ ਲਾਭ ਹਰ ਵਰਗ ਤੱਕ ਪਹੁੰਚਾਉਣਾ ਜ਼ਰੂਰੀ ਹੈ। ਸੈੱਲ ਦੇ ਕਨਵੀਨਰ ਨੇ ਕਿਹਾ ਕਿ ਬੁੱਧੀਜੀਵੀ ਵਰਗ ਸਮਾਜ ਨੂੰ ਸਹੀ ਦਿਸ਼ਾ ਦੇ ਸਕਦਾ ਹੈ। ਵਰਕਸ਼ਾਪ ਵਿਚ ਅਧਿਆਪਕਾਂ, ਡਾਕਟਰਾਂ, ਵਕੀਲਾਂ ਅਤੇ ਹੋਰ ਪੇਸ਼ੇਵਰਾਂ ਨੇ ਹਿੱਸਾ ਲਿਆ ਅਤੇ ਆਪਣੇ ਵਿਚਾਰ ਸਾਂਝੇ ਕੀਤੇ। ਅੰਤ ਵਿਚ ਪ੍ਰਬੰਧਕਾਂ ਵਲੋਂ ਸਾਰੇ ਮਹਿਮਾਨਾਂ ਦਾ ਧੰਨਵਾਦ ਕੀਤਾ ਗਿਆ ਅਤੇ ਅਜਿਹੇ ਪ੍ਰੋਗਰਾਮ ਲਗਾਤਾਰ ਕਰਵਾਉਣ ਦਾ ਐਲਾਨ ਕੀਤਾ ਗਿਆ।
ਮੈਂਬਰ ਪਾਰਲੀਮੈਂਟ ਭਾਈ ਅੰਮ੍ਰਿਤਪਾਲ ਸਿੰਘ ਖਾਲਸਾ ਤੋਂ ਤੁਰੰਤ ਹਟਾਈ ਜਾਵੇ ਐਨ.ਐਸ.ਏ ਅਤੇ ਕੀਤਾ ਜਾਵੇ ਰਿਹਾਅ : ਵਾਰਿਸ ਪੰਜਾਬ ਦੇ
ਬਠਿੰਡਾ ਵੱਟ, 19 ਮਈ (ਕੁਲਵਿੰਦਰ ਸਿੰਘ ਚੌਹਾਨ)- ਮੈਂਬਰ ਪਾਰਲੀਮੈਂਟ ਭਾਈ ਅੰਮ੍ਰਿਤਪਾਲ ਸਿੰਘ ਖਾਲਸਾ ਤੇ ਲਗਾਏ ਐਨ.ਐਸ.ਏ ਨੂੰ ਤੁਰੰਤ ਹਟਾ ਕੇ ਉਨ੍ਹਾਂ ਨੂੰ ਰਿਹਾਅ ਕਰਨ ਦੀ ਮੰਗ ਅਕਾਲੀ ਦਲ (ਵਾਰਿਸ ਪੰਜਾਬ ਦੇ) ਦੇ ਆਗੂਆਂ ਨੇ ਕੀਤੀ ਹੈ। ਆਗੂਆਂ ਨੇ ਕਿਹਾ ਕਿ ਲੋਕਾਂ ਵਲੋਂ ਚੁਣੇ ਗਏ ਨੁਮਾਇੰਦੇ ਨੂੰ ਜੇਲ੍ਹ ਵਿਚ ਰੱਖਣਾ ਲੋਕਤੰਤਰ ਦਾ ਅਪਮਾਨ ਹੈ। ਉਨ੍ਹਾਂ ਕਿਹਾ ਕਿ ਸਰਕਾਰ ਵਲੋਂ ਵਾਰ ਵਾਰ ਐਨ.ਐਸ.ਏ ਦੀ ਮਿਆਦ ਵਧਾਉਣਾ ਗੈਰ ਕਾਨੂੰਨੀ ਹੈ। ਇਸ ਮੌਕੇ ਪਾਰਟੀ ਦੇ ਜ਼ਿਲ੍ਹਾ ਪ੍ਰਧਾਨ, ਸਰਕਲ ਪ੍ਰਧਾਨ ਅਤੇ ਹੋਰ ਆਗੂ ਹਾਜ਼ਰ ਸਨ। ਉਨ੍ਹਾਂ ਨੇ ਐਲਾਨ ਕੀਤਾ ਕਿ ਪਾਰਟੀ 2027 ਦੀਆਂ ਵਿਧਾਨ ਸਭਾ ਚੋਣਾਂ ਵਿਚ ਪੂਰੀ ਤਾਕਤ ਨਾਲ ਹਿੱਸਾ ਲਵੇਗੀ ਅਤੇ ਪੰਜਾਬ ਦੇ ਹੱਕਾਂ ਲਈ ਸੰਘਰਸ਼ ਜਾਰੀ ਰੱਖੇਗੀ। ਆਗੂਆਂ ਨੇ ਨੌਜਵਾਨਾਂ ਨੂੰ ਪਾਰਟੀ ਨਾਲ ਜੁੜਨ ਦੀ ਅਪੀਲ ਕੀਤੀ ਅਤੇ ਕਿਹਾ ਕਿ ਪੰਥ ਅਤੇ ਪੰਜਾਬ ਦੀ ਭਲਾਈ ਲਈ ਇਕਜੁੱਟ ਹੋਣਾ ਸਮੇਂ ਦੀ ਲੋੜ ਹੈ।
ਬਠਿੰਡਾ ਵੱਟ, 19 ਮਈ (ਕੁਲਵਿੰਦਰ ਸਿੰਘ ਚੌਹਾਨ)- ਮੈਂਬਰ ਪਾਰਲੀਮੈਂਟ ਭਾਈ ਅੰਮ੍ਰਿਤਪਾਲ ਸਿੰਘ ਖਾਲਸਾ ਤੇ ਲਗਾਏ ਐਨ.ਐਸ.ਏ ਨੂੰ ਤੁਰੰਤ ਹਟਾ ਕੇ ਉਨ੍ਹਾਂ ਨੂੰ ਰਿਹਾਅ ਕਰਨ ਦੀ ਮੰਗ ਅਕਾਲੀ ਦਲ (ਵਾਰਿਸ ਪੰਜਾਬ ਦੇ) ਦੇ ਆਗੂਆਂ ਨੇ ਕੀਤੀ ਹੈ। ਆਗੂਆਂ ਨੇ ਕਿਹਾ ਕਿ ਲੋਕਾਂ ਵਲੋਂ ਚੁਣੇ ਗਏ ਨੁਮਾਇੰਦੇ ਨੂੰ ਜੇਲ੍ਹ ਵਿਚ ਰੱਖਣਾ ਲੋਕਤੰਤਰ ਦਾ ਅਪਮਾਨ ਹੈ। ਉਨ੍ਹਾਂ ਕਿਹਾ ਕਿ ਸਰਕਾਰ ਵਲੋਂ ਵਾਰ ਵਾਰ ਐਨ.ਐਸ.ਏ ਦੀ ਮਿਆਦ ਵਧਾਉਣਾ ਗੈਰ ਕਾਨੂੰਨੀ ਹੈ। ਇਸ ਮੌਕੇ ਪਾਰਟੀ ਦੇ ਜ਼ਿਲ੍ਹਾ ਪ੍ਰਧਾਨ, ਸਰਕਲ ਪ੍ਰਧਾਨ ਅਤੇ ਹੋਰ ਆਗੂ ਹਾਜ਼ਰ ਸਨ। ਉਨ੍ਹਾਂ ਨੇ ਐਲਾਨ ਕੀਤਾ ਕਿ ਪਾਰਟੀ 2027 ਦੀਆਂ ਵਿਧਾਨ ਸਭਾ ਚੋਣਾਂ ਵਿਚ ਪੂਰੀ ਤਾਕਤ ਨਾਲ ਹਿੱਸਾ ਲਵੇਗੀ ਅਤੇ ਪੰਜਾਬ ਦੇ ਹੱਕਾਂ ਲਈ ਸੰਘਰਸ਼ ਜਾਰੀ ਰੱਖੇਗੀ। ਆਗੂਆਂ ਨੇ ਨੌਜਵਾਨਾਂ ਨੂੰ ਪਾਰਟੀ ਨਾਲ ਜੁੜਨ ਦੀ ਅਪੀਲ ਕੀਤੀ ਅਤੇ ਕਿਹਾ ਕਿ ਪੰਥ ਅਤੇ ਪੰਜਾਬ ਦੀ ਭਲਾਈ ਲਈ ਇਕਜੁੱਟ ਹੋਣਾ ਸਮੇਂ ਦੀ ਲੋੜ ਹੈ।
ਬਠਿੰਡਾ ਵੱਟ, 19 ਮਈ (ਕੁਲਵਿੰਦਰ ਸਿੰਘ ਚੌਹਾਨ)- ਮੈਂਬਰ ਪਾਰਲੀਮੈਂਟ ਭਾਈ ਅੰਮ੍ਰਿਤਪਾਲ ਸਿੰਘ ਖਾਲਸਾ ਤੇ ਲਗਾਏ ਐਨ.ਐਸ.ਏ ਨੂੰ ਤੁਰੰਤ ਹਟਾ ਕੇ ਉਨ੍ਹਾਂ ਨੂੰ ਰਿਹਾਅ ਕਰਨ ਦੀ ਮੰਗ ਅਕਾਲੀ ਦਲ (ਵਾਰਿਸ ਪੰਜਾਬ ਦੇ) ਦੇ ਆਗੂਆਂ ਨੇ ਕੀਤੀ ਹੈ। ਆਗੂਆਂ ਨੇ ਕਿਹਾ ਕਿ ਲੋਕਾਂ ਵਲੋਂ ਚੁਣੇ ਗਏ ਨੁਮਾਇੰਦੇ ਨੂੰ ਜੇਲ੍ਹ ਵਿਚ ਰੱਖਣਾ ਲੋਕਤੰਤਰ ਦਾ ਅਪਮਾਨ ਹੈ। ਉਨ੍ਹਾਂ ਕਿਹਾ ਕਿ ਸਰਕਾਰ ਵਲੋਂ ਵਾਰ ਵਾਰ ਐਨ.ਐਸ.ਏ ਦੀ ਮਿਆਦ ਵਧਾਉਣਾ ਗੈਰ ਕਾਨੂੰਨੀ ਹੈ। ਇਸ ਮੌਕੇ ਪਾਰਟੀ ਦੇ ਜ਼ਿਲ੍ਹਾ ਪ੍ਰਧਾਨ, ਸਰਕਲ ਪ੍ਰਧਾਨ ਅਤੇ ਹੋਰ ਆਗੂ ਹਾਜ਼ਰ ਸਨ। ਉਨ੍ਹਾਂ ਨੇ ਐਲਾਨ ਕੀਤਾ ਕਿ ਪਾਰਟੀ 2027 ਦੀਆਂ ਵਿਧਾਨ ਸਭਾ ਚੋਣਾਂ ਵਿਚ ਪੂਰੀ ਤਾਕਤ ਨਾਲ ਹਿੱਸਾ ਲਵੇਗੀ ਅਤੇ ਪੰਜਾਬ ਦੇ ਹੱਕਾਂ ਲਈ ਸੰਘਰਸ਼ ਜਾਰੀ ਰੱਖੇਗੀ। ਆਗੂਆਂ ਨੇ ਨੌਜਵਾਨਾਂ ਨੂੰ ਪਾਰਟੀ ਨਾਲ ਜੁੜਨ ਦੀ ਅਪੀਲ ਕੀਤੀ ਅਤੇ ਕਿਹਾ ਕਿ ਪੰਥ ਅਤੇ ਪੰਜਾਬ ਦੀ ਭਲਾਈ ਲਈ ਇਕਜੁੱਟ ਹੋਣਾ ਸਮੇਂ ਦੀ ਲੋੜ ਹੈ।
ਬਠਿੰਡਾ ਵੱਟ, 19 ਮਈ (ਕੁਲਵਿੰਦਰ ਸਿੰਘ ਚੌਹਾਨ)- ਮੈਂਬਰ ਪਾਰਲੀਮੈਂਟ ਭਾਈ ਅੰਮ੍ਰਿਤਪਾਲ ਸਿੰਘ ਖਾਲਸਾ ਤੇ ਲਗਾਏ ਐਨ.ਐਸ.ਏ ਨੂੰ ਤੁਰੰਤ ਹਟਾ ਕੇ ਉਨ੍ਹਾਂ ਨੂੰ ਰਿਹਾਅ ਕਰਨ ਦੀ ਮੰਗ ਅਕਾਲੀ ਦਲ (ਵਾਰਿਸ ਪੰਜਾਬ ਦੇ) ਦੇ ਆਗੂਆਂ ਨੇ ਕੀਤੀ ਹੈ। ਆਗੂਆਂ ਨੇ ਕਿਹਾ ਕਿ ਲੋਕਾਂ ਵਲੋਂ ਚੁਣੇ ਗਏ ਨੁਮਾਇੰਦੇ ਨੂੰ ਜੇਲ੍ਹ ਵਿਚ ਰੱਖਣਾ ਲੋਕਤੰਤਰ ਦਾ ਅਪਮਾਨ ਹੈ। ਉਨ੍ਹਾਂ ਕਿਹਾ ਕਿ ਸਰਕਾਰ ਵਲੋਂ ਵਾਰ ਵਾਰ ਐਨ.ਐਸ.ਏ ਦੀ ਮਿਆਦ ਵਧਾਉਣਾ ਗੈਰ ਕਾਨੂੰਨੀ ਹੈ। ਇਸ ਮੌਕੇ ਪਾਰਟੀ ਦੇ ਜ਼ਿਲ੍ਹਾ ਪ੍ਰਧਾਨ, ਸਰਕਲ ਪ੍ਰਧਾਨ ਅਤੇ ਹੋਰ ਆਗੂ ਹਾਜ਼ਰ ਸਨ। ਉਨ੍ਹਾਂ ਨੇ ਐਲਾਨ ਕੀਤਾ ਕਿ ਪਾਰਟੀ 2027 ਦੀਆਂ ਵਿਧਾਨ ਸਭਾ ਚੋਣਾਂ ਵਿਚ ਪੂਰੀ ਤਾਕਤ ਨਾਲ ਹਿੱਸਾ ਲਵੇਗੀ ਅਤੇ ਪੰਜਾਬ ਦੇ ਹੱਕਾਂ ਲਈ ਸੰਘਰਸ਼ ਜਾਰੀ ਰੱਖੇਗੀ। ਆਗੂਆਂ ਨੇ ਨੌਜਵਾਨਾਂ ਨੂੰ ਪਾਰਟੀ ਨਾਲ ਜੁੜਨ ਦੀ ਅਪੀਲ ਕੀਤੀ ਅਤੇ ਕਿਹਾ ਕਿ ਪੰਥ ਅਤੇ ਪੰਜਾਬ ਦੀ ਭਲਾਈ ਲਈ ਇਕਜੁੱਟ ਹੋਣਾ ਸਮੇਂ ਦੀ ਲੋੜ ਹੈ।
ਰਾਮ ਮੂਰਤੀ ਦਾ ਸਰਕਾਰੀ ਸਕੂਲ ਹਬਾਣਾਂ
ਵਿੱਚੋਂ ਚੰਗੇ ਨੰਬਰ ਲੈਣ ਤੇ ਕੀਤਾ ਸਨਮਾਨਿਤ
ਗੁਰੂ ਸਿੰਘ ਵਿੱਚੋਂ ਦੇ ਭੂਮੀ ਵਲੋਂ ਕੀਤੇ ਨਿੱਜੀ ਸਕੂਲ ਵਿੱਚ ਮਾਣ ਵਧੇ - ਸਰਪੰਚ ਗੁਰਦੀਪ ਸਿੰਘ
ਤਲਵੰਡੀ, 19 ਮਈ (ਮਨਜੀਤ ਸਿੰਘ)- ਪੰਜਾਬ ਸਕੂਲ ਸਿੱਖਿਆ ਬੋਰਡ ਵਲੋਂ 12ਵੀਂ ਜਮਾਤ ਦੇ ਐਲਾਨੇ ਗਏ ਨਤੀਜਿਆਂ ਵਿਚ ਸਰਕਾਰੀ ਸੀਨੀਅਰ ਸੈਕੰਡਰੀ ਸਮਾਰਟ ਸਕੂਲ ਵਿਚੋਂ ਰਾਮ ਮੂਰਤੀ ਸਿੰਘ ਨੇ 500 ਵਿਚੋਂ 435 ਅੰਕ ਪ੍ਰਾਪਤ ਕਰਕੇ ਸਕੂਲ ਦਾ ਨਾਮ ਰੌਸ਼ਨ ਕੀਤਾ। ਇਸ ਪ੍ਰਾਪਤੀ ਤੇ ਪਿੰਡ ਦੀ ਪੰਚਾਇਤ ਅਤੇ ਸਕੂਲ ਸਟਾਫ਼ ਵਲੋਂ ਵਿਦਿਆਰਥੀ ਦਾ ਸਨਮਾਨ ਕੀਤਾ ਗਿਆ।
